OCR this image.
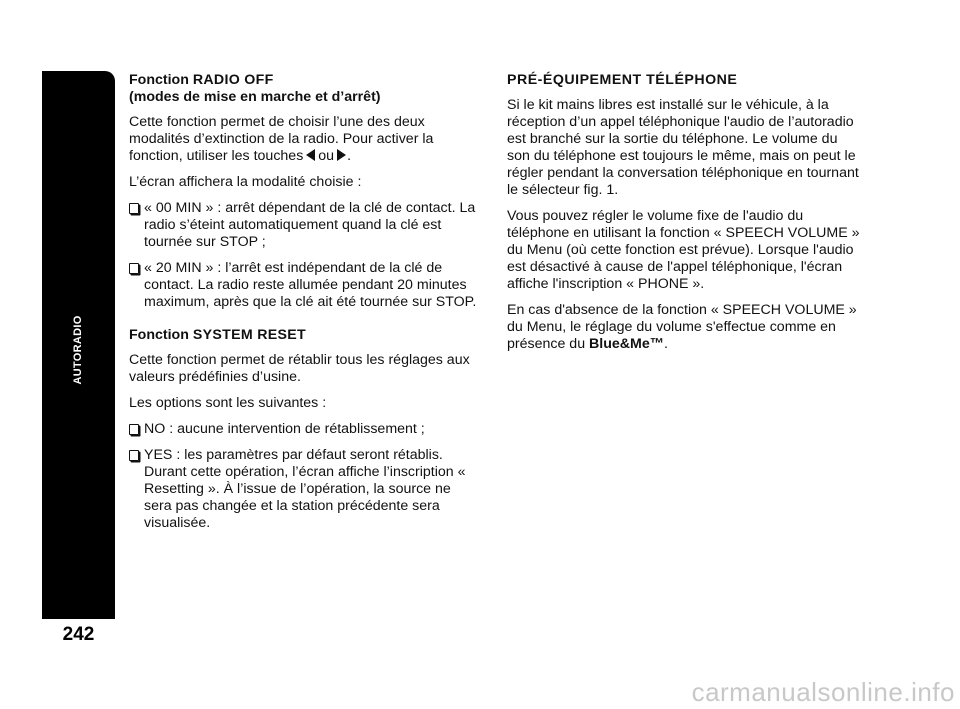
AUTORADIO
242
Fonction RADIO OFF
(modes de mise en marche et d’arrêt)

Cette fonction permet de choisir l’une des deux modalités d’extinction de la radio. Pour activer la fonction, utiliser les touches ou .

L’écran affichera la modalité choisie :

« 00 MIN » : arrêt dépendant de la clé de contact. La radio s’éteint automatiquement quand la clé est tournée sur STOP ;
« 20 MIN » : l’arrêt est indépendant de la clé de contact. La radio reste allumée pendant 20 minutes maximum, après que la clé ait été tournée sur STOP.
Fonction SYSTEM RESET

Cette fonction permet de rétablir tous les réglages aux valeurs prédéfinies d’usine.

Les options sont les suivantes :

NO : aucune intervention de rétablissement ;
YES : les paramètres par défaut seront rétablis. Durant cette opération, l’écran affiche l’inscription « Resetting ». À l’issue de l’opération, la source ne sera pas changée et la station précédente sera visualisée.
PRÉ-ÉQUIPEMENT TÉLÉPHONE

Si le kit mains libres est installé sur le véhicule, à la réception d’un appel téléphonique l'audio de l’autoradio est branché sur la sortie du téléphone. Le volume du son du téléphone est toujours le même, mais on peut le régler pendant la conversation téléphonique en tournant le sélecteur fig. 1.

Vous pouvez régler le volume fixe de l'audio du téléphone en utilisant la fonction « SPEECH VOLUME » du Menu (où cette fonction est prévue). Lorsque l'audio est désactivé à cause de l'appel téléphonique, l'écran affiche l'inscription « PHONE ».

En cas d'absence de la fonction « SPEECH VOLUME » du Menu, le réglage du volume s'effectue comme en présence du Blue&Me™.

carmanualsonline.info
